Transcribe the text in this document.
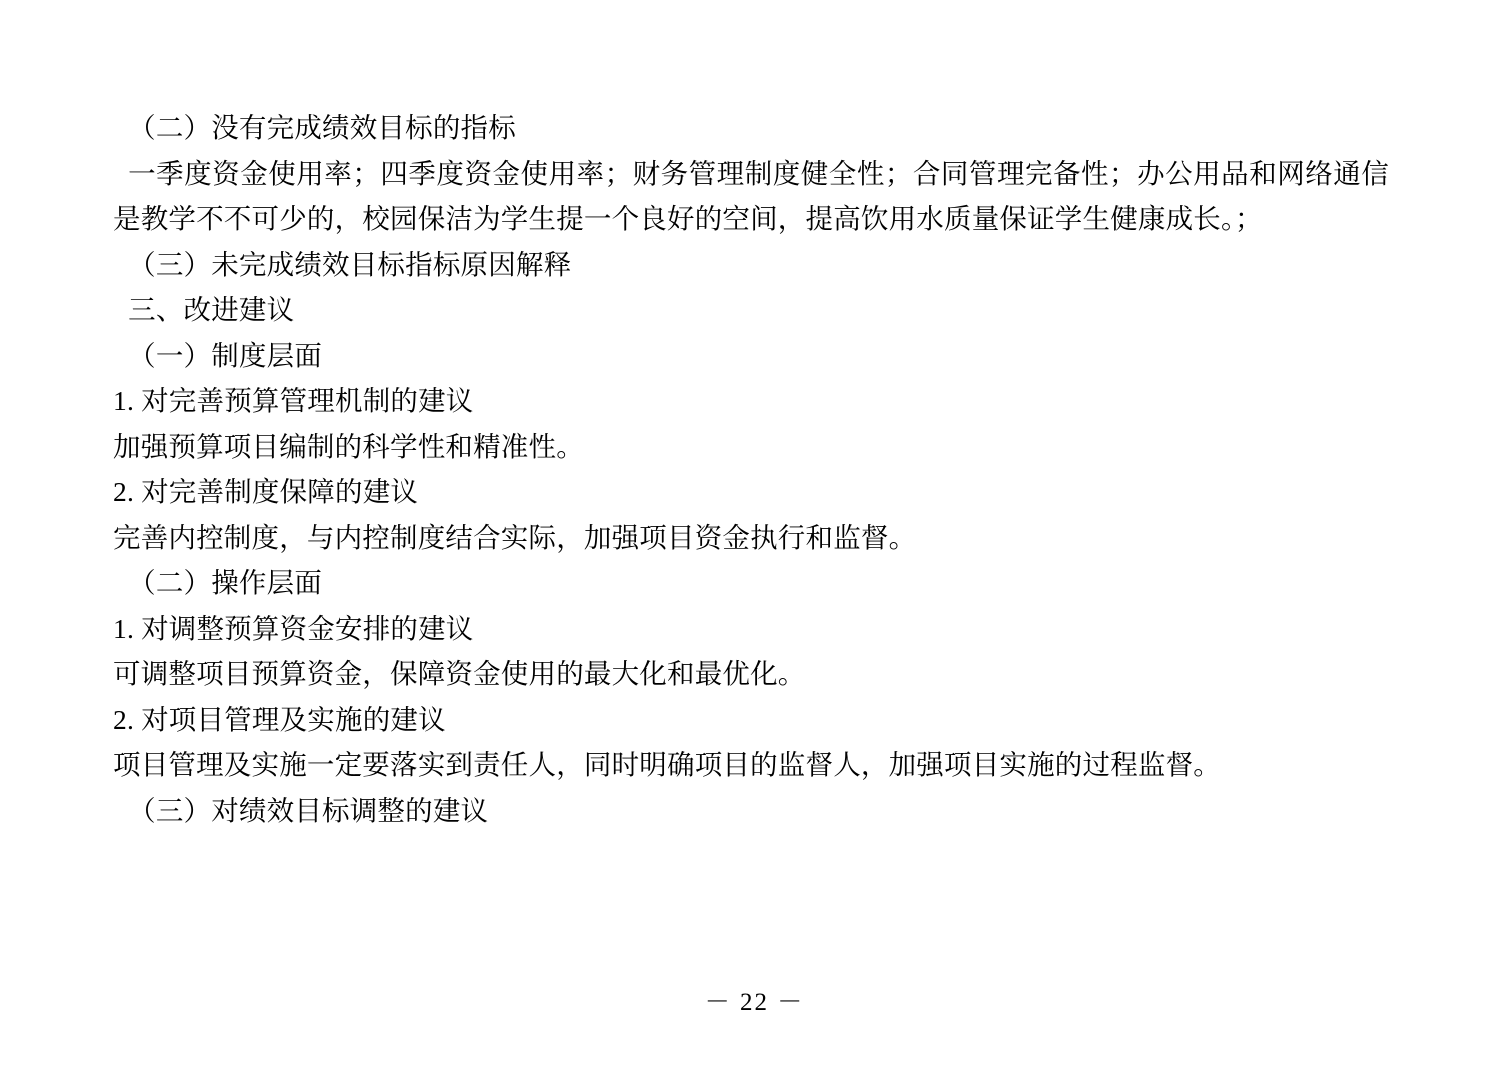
（二）没有完成绩效目标的指标

一季度资金使用率；四季度资金使用率；财务管理制度健全性；合同管理完备性；办公用品和网络通信是教学不不可少的，校园保洁为学生提一个良好的空间，提高饮用水质量保证学生健康成长。；

（三）未完成绩效目标指标原因解释

三、改进建议

（一）制度层面

1. 对完善预算管理机制的建议

加强预算项目编制的科学性和精准性。

2. 对完善制度保障的建议

完善内控制度，与内控制度结合实际，加强项目资金执行和监督。

（二）操作层面

1. 对调整预算资金安排的建议

可调整项目预算资金，保障资金使用的最大化和最优化。

2. 对项目管理及实施的建议

项目管理及实施一定要落实到责任人，同时明确项目的监督人，加强项目实施的过程监督。

（三）对绩效目标调整的建议

－ 22 －
